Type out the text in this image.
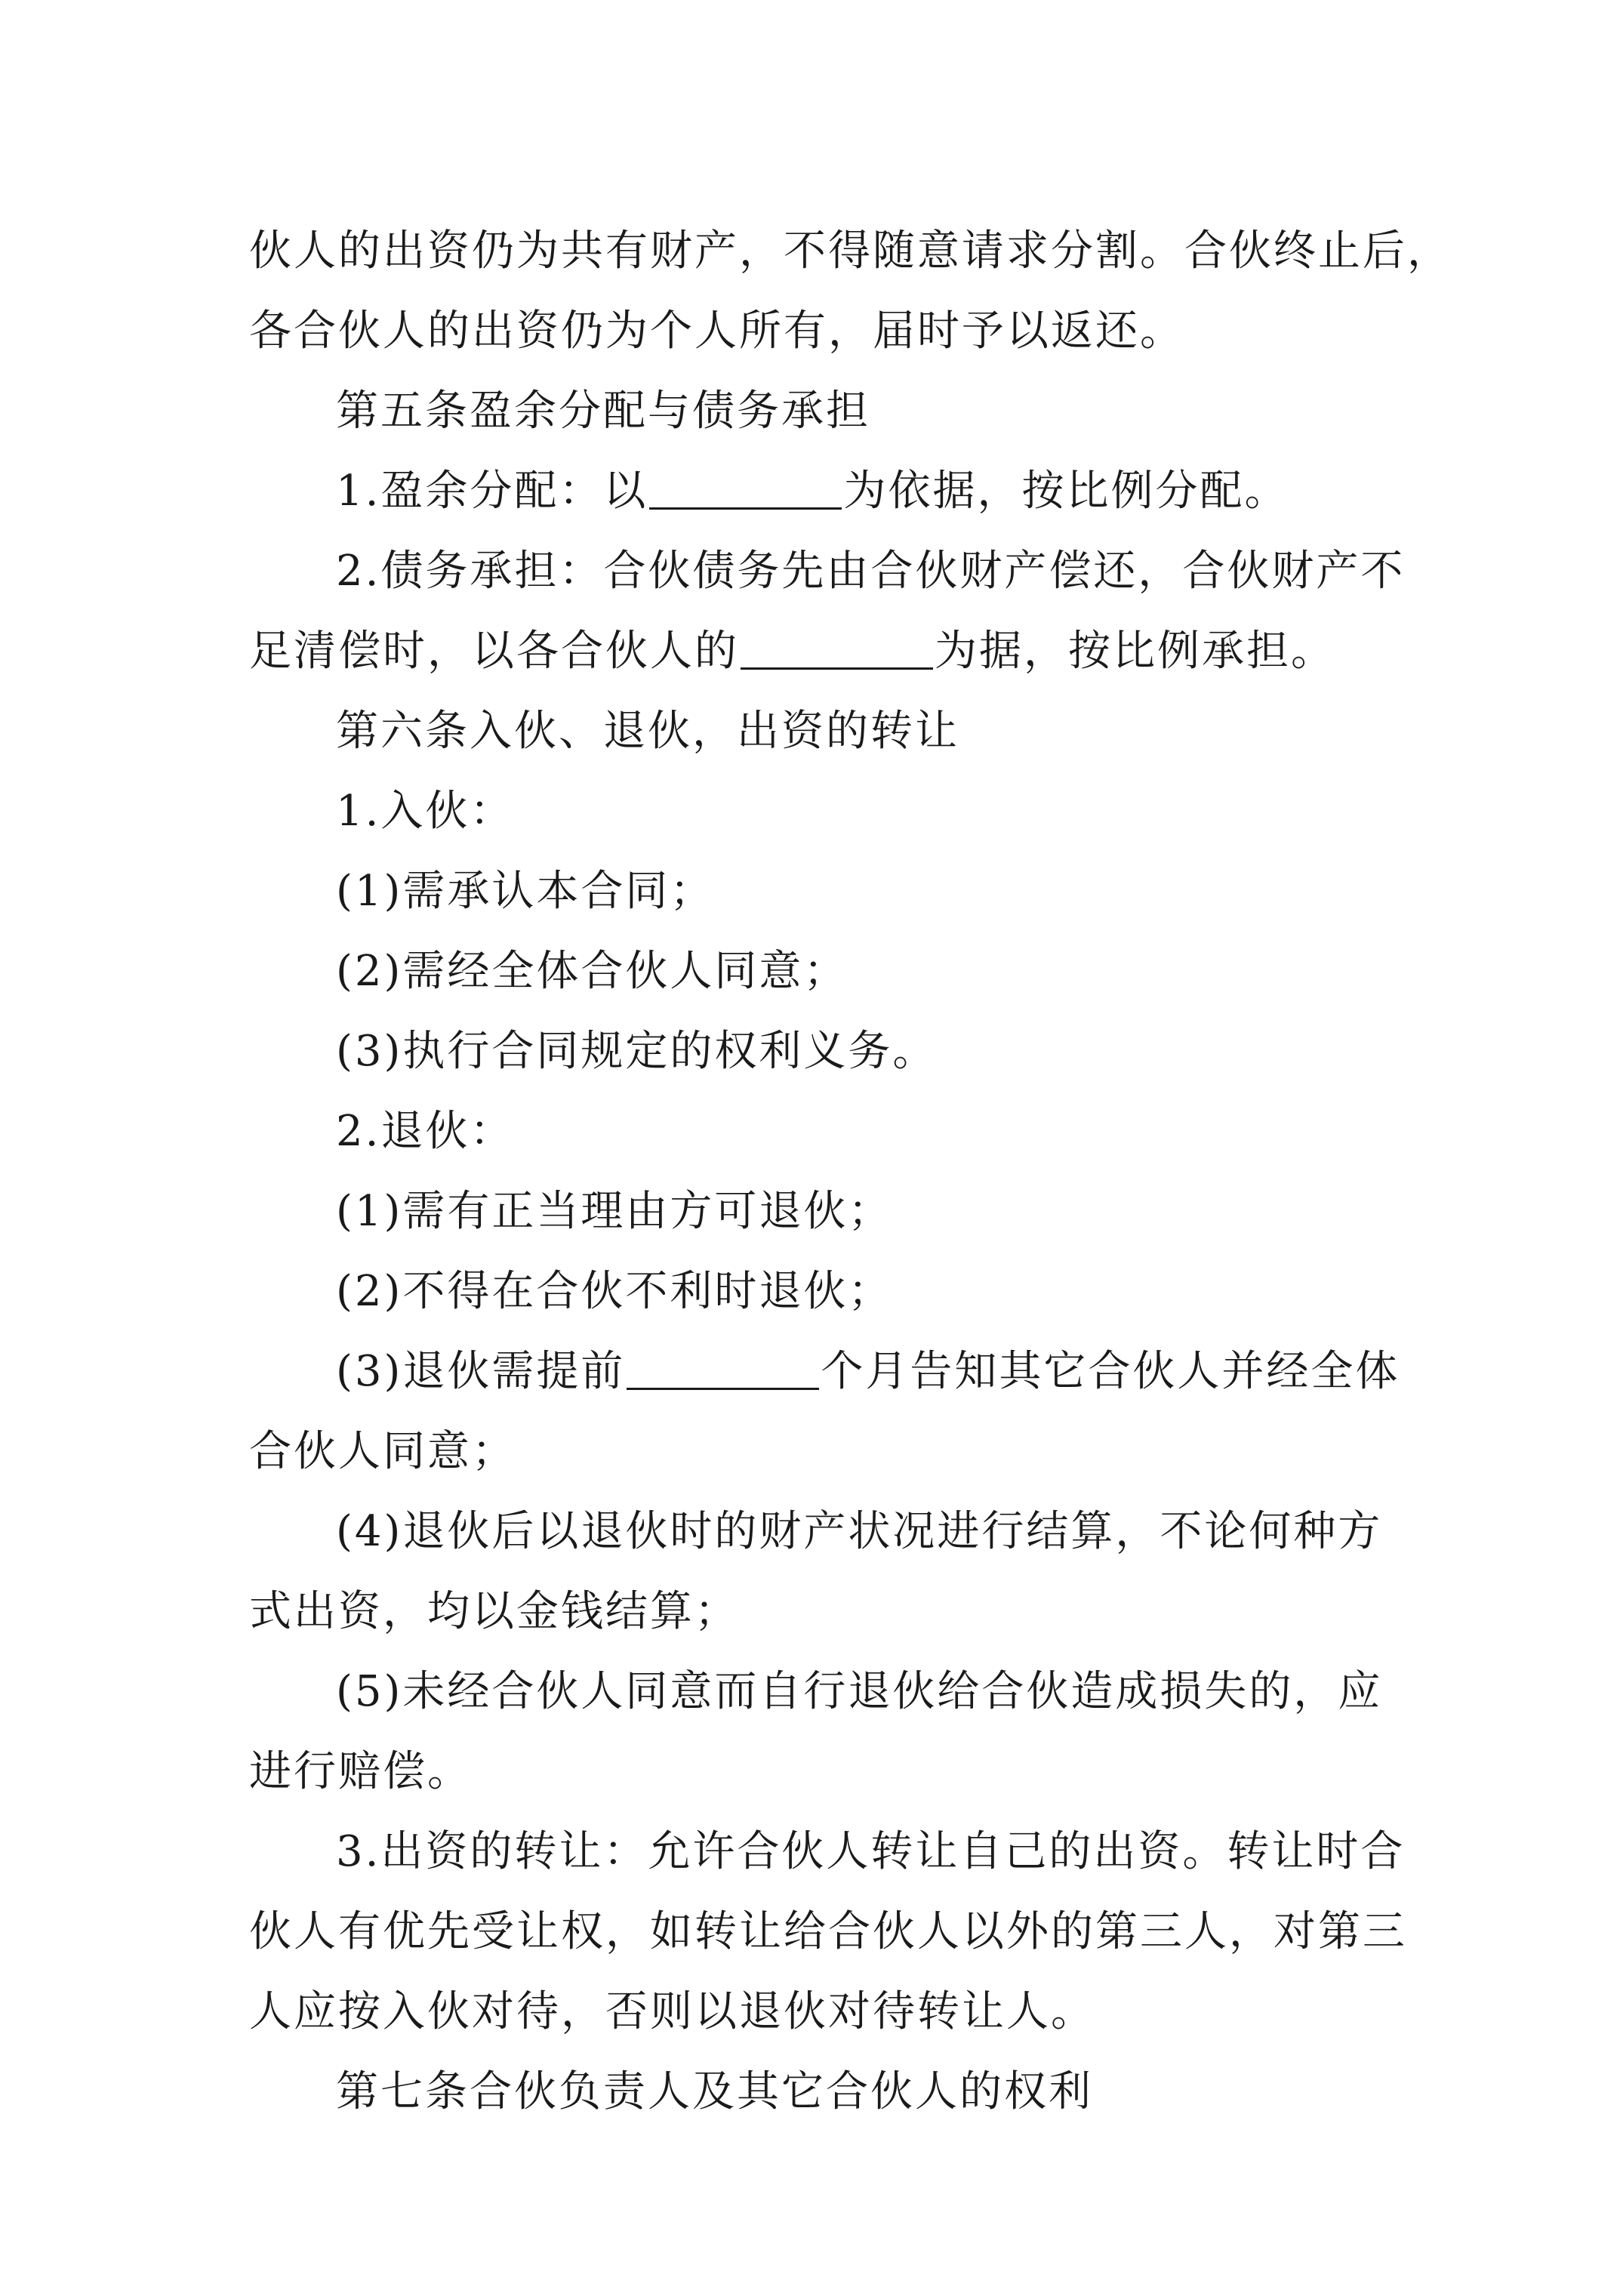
伙人的出资仍为共有财产，不得随意请求分割。合伙终止后，
各合伙人的出资仍为个人所有，届时予以返还。
第五条盈余分配与债务承担
1.盈余分配：以	为依据，按比例分配。
2.债务承担：合伙债务先由合伙财产偿还，合伙财产不
足清偿时，以各合伙人的	为据，按比例承担。
第六条入伙、退伙，出资的转让
1.入伙：
(1)需承认本合同；
(2)需经全体合伙人同意；
(3)执行合同规定的权利义务。
2.退伙：
(1)需有正当理由方可退伙；
(2)不得在合伙不利时退伙；
(3)退伙需提前	个月告知其它合伙人并经全体
合伙人同意；
(4)退伙后以退伙时的财产状况进行结算，不论何种方
式出资，均以金钱结算；
(5)未经合伙人同意而自行退伙给合伙造成损失的，应
进行赔偿。
3.出资的转让：允许合伙人转让自己的出资。转让时合
伙人有优先受让权，如转让给合伙人以外的第三人，对第三
人应按入伙对待，否则以退伙对待转让人。
第七条合伙负责人及其它合伙人的权利
